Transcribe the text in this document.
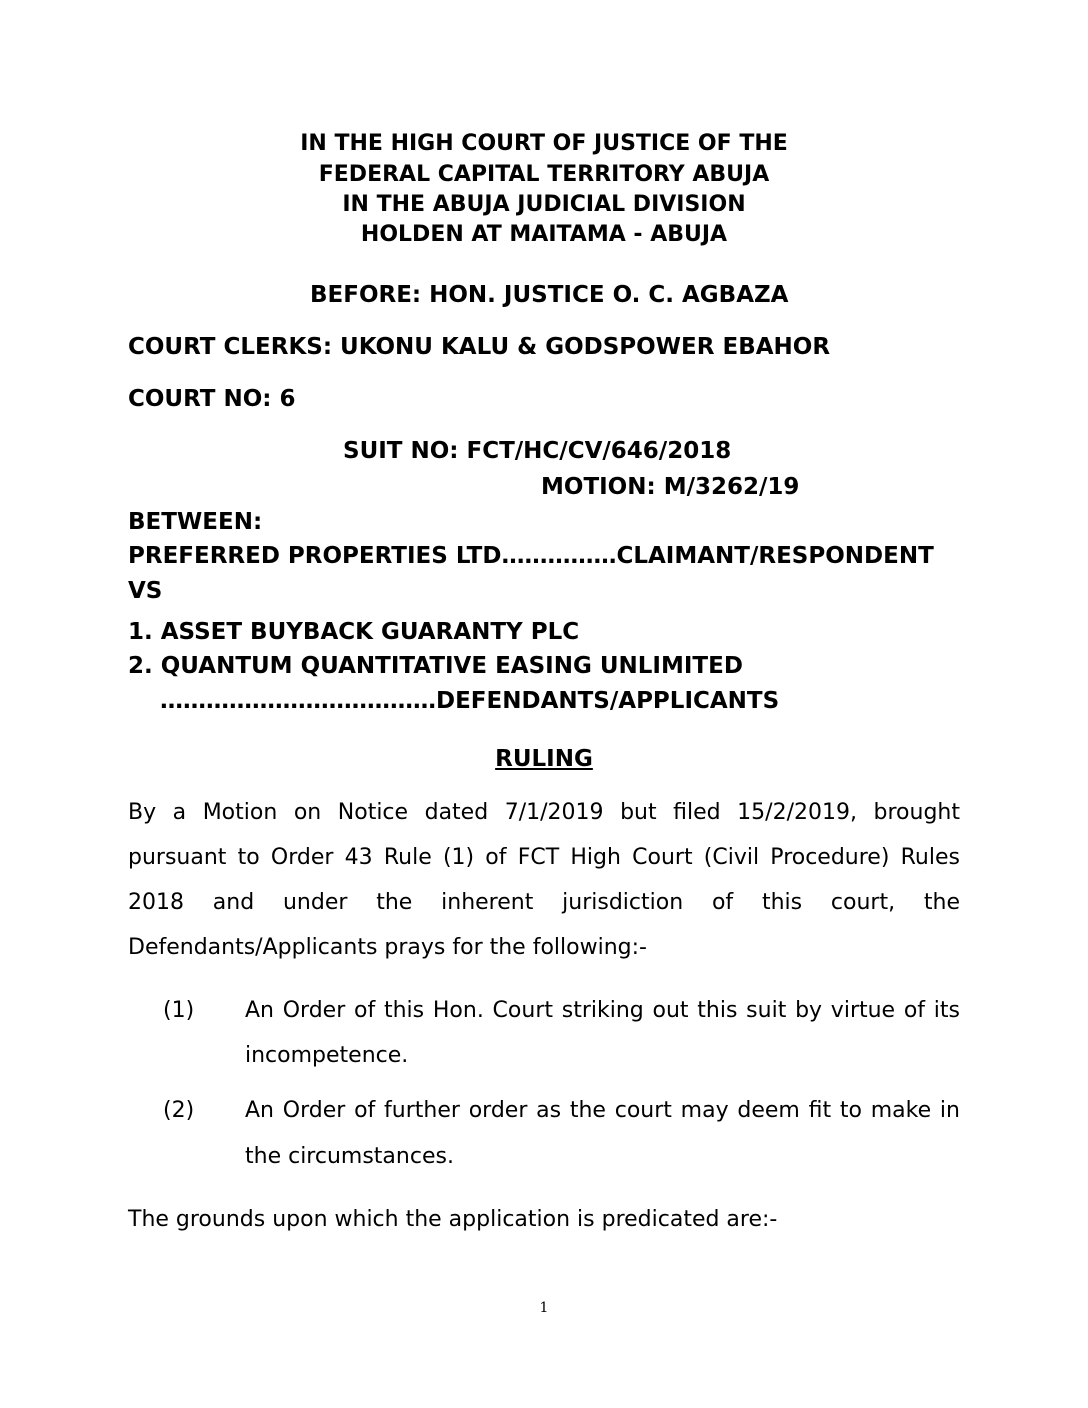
IN THE HIGH COURT OF JUSTICE OF THE
FEDERAL CAPITAL TERRITORY ABUJA
IN THE ABUJA JUDICIAL DIVISION
HOLDEN AT MAITAMA - ABUJA
BEFORE: HON. JUSTICE O. C. AGBAZA
COURT CLERKS: UKONU KALU & GODSPOWER EBAHOR
COURT NO: 6
SUIT NO: FCT/HC/CV/646/2018
MOTION: M/3262/19
BETWEEN:
PREFERRED PROPERTIES LTD……………CLAIMANT/RESPONDENT
VS
1. ASSET BUYBACK GUARANTY PLC
2. QUANTUM QUANTITATIVE EASING UNLIMITED
………………………………DEFENDANTS/APPLICANTS
RULING
By a Motion on Notice dated 7/1/2019 but filed 15/2/2019, brought
pursuant to Order 43 Rule (1) of FCT High Court (Civil Procedure) Rules
2018 and under the inherent jurisdiction of this court, the
Defendants/Applicants prays for the following:-
(1) An Order of this Hon. Court striking out this suit by virtue of its
incompetence.
(2) An Order of further order as the court may deem fit to make in
the circumstances.
The grounds upon which the application is predicated are:-
1
